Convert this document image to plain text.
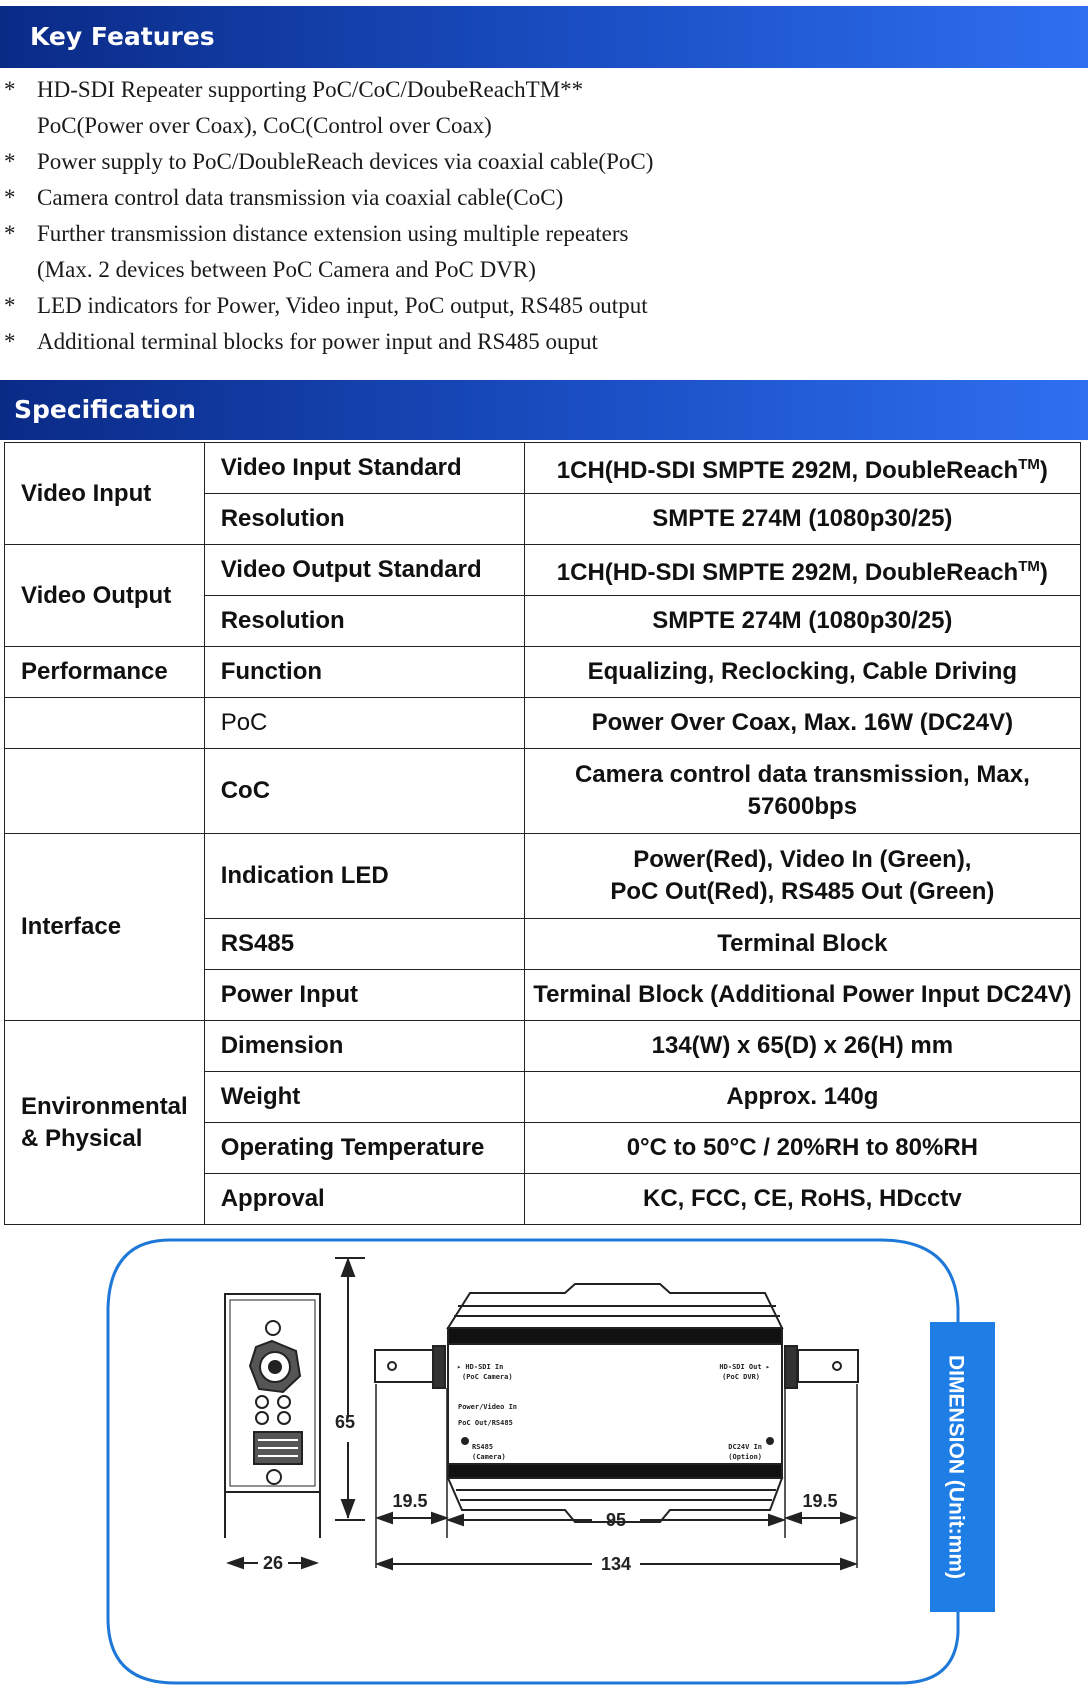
Key Features
* HD-SDI Repeater supporting PoC/CoC/DoubeReachTM**
PoC(Power over Coax), CoC(Control over Coax)
* Power supply to PoC/DoubleReach devices via coaxial cable(PoC)
* Camera control data transmission via coaxial cable(CoC)
* Further transmission distance extension using multiple repeaters
(Max. 2 devices between PoC Camera and PoC DVR)
* LED indicators for Power, Video input, PoC output, RS485 output
* Additional terminal blocks for power input and RS485 ouput
Specification
Video Input	Video Input Standard	1CH(HD-SDI SMPTE 292M, DoubleReach™)
	Resolution	SMPTE 274M (1080p30/25)
Video Output	Video Output Standard	1CH(HD-SDI SMPTE 292M, DoubleReach™)
	Resolution	SMPTE 274M (1080p30/25)
Performance	Function	Equalizing, Reclocking, Cable Driving
	PoC	Power Over Coax, Max. 16W (DC24V)
	CoC	Camera control data transmission, Max,
57600bps
Interface	Indication LED	Power(Red), Video In (Green),
PoC Out(Red), RS485 Out (Green)
	RS485	Terminal Block
	Power Input	Terminal Block (Additional Power Input DC24V)
Environmental
& Physical	Dimension	134(W) x 65(D) x 26(H) mm
	Weight	Approx. 140g
	Operating Temperature	0°C to 50°C / 20%RH to 80%RH
	Approval	KC, FCC, CE, RoHS, HDcctv
DIMENSION (Unit:mm)
65
26
▸ HD-SDI In
(PoC Camera)
HD-SDI Out ▸
(PoC DVR)
Power/Video In
PoC Out/RS485
RS485
(Camera)
DC24V In
(Option)
19.5	19.5
95
134
